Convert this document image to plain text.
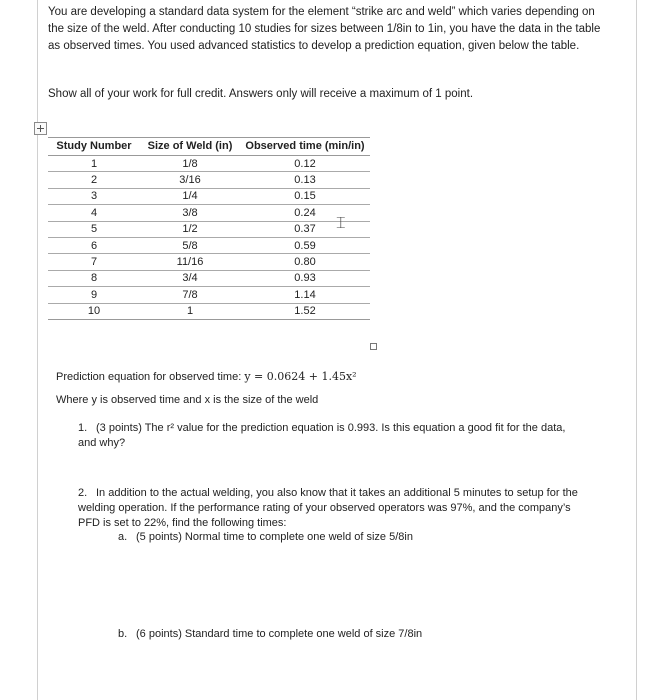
You are developing a standard data system for the element “strike arc and weld” which varies depending on the size of the weld. After conducting 10 studies for sizes between 1/8in to 1in, you have the data in the table as observed times. You used advanced statistics to develop a prediction equation, given below the table.

Show all of your work for full credit. Answers only will receive a maximum of 1 point.

Study Number	Size of Weld (in)	Observed time (min/in)
1	1/8	0.12
2	3/16	0.13
3	1/4	0.15
4	3/8	0.24
5	1/2	0.37
6	5/8	0.59
7	11/16	0.80
8	3/4	0.93
9	7/8	1.14
10	1	1.52
⌶

Prediction equation for observed time: y = 0.0624 + 1.45x²

Where y is observed time and x is the size of the weld

1. (3 points) The r² value for the prediction equation is 0.993. Is this equation a good fit for the data, and why?

2. In addition to the actual welding, you also know that it takes an additional 5 minutes to setup for the welding operation. If the performance rating of your observed operators was 97%, and the company’s PFD is set to 22%, find the following times:

a. (5 points) Normal time to complete one weld of size 5/8in

b. (6 points) Standard time to complete one weld of size 7/8in
